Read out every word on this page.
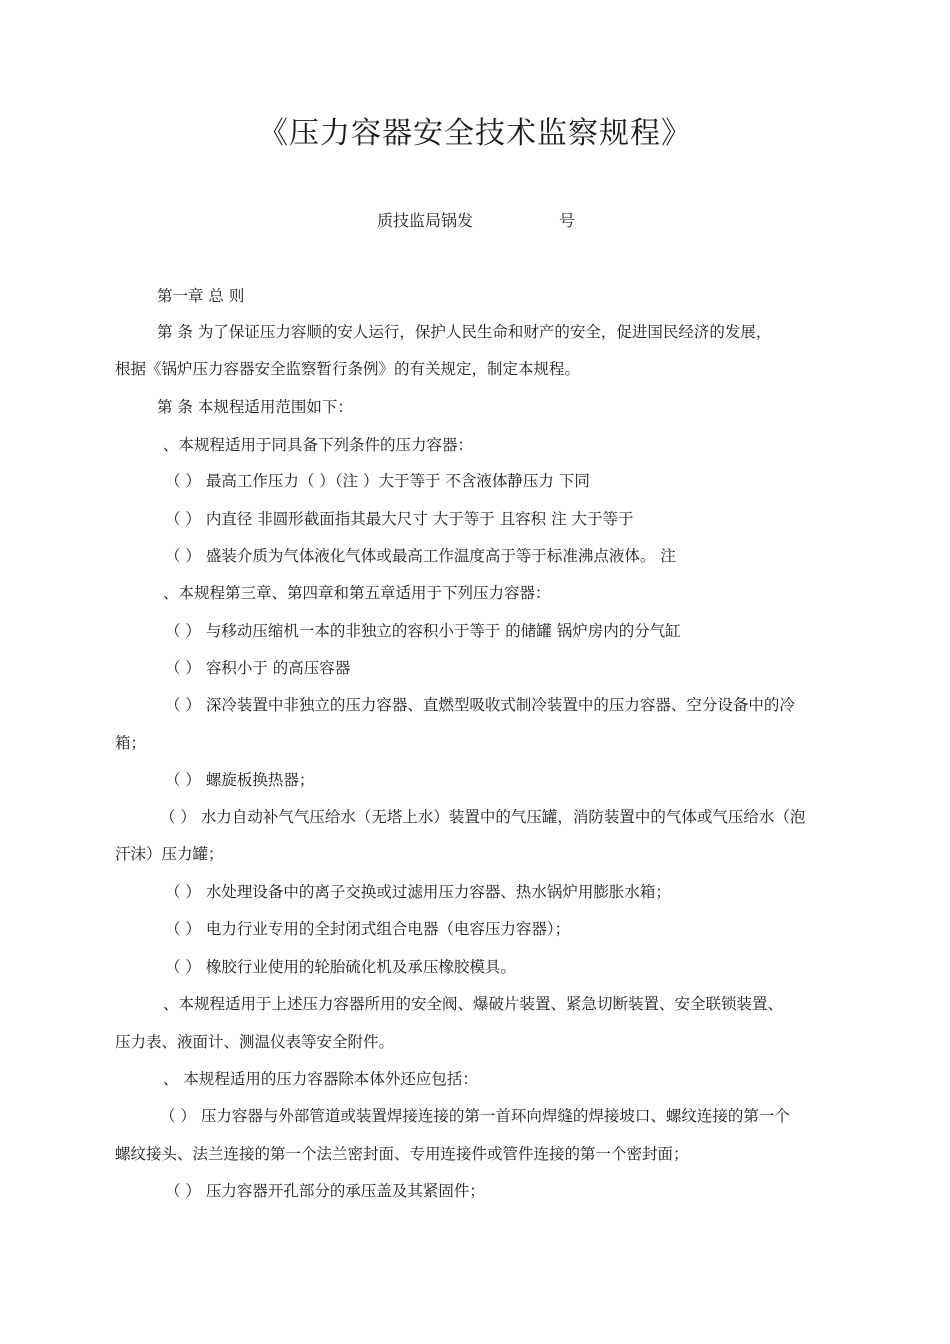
《压力容器安全技术监察规程》
质技监局锅发	号
第一章 总 则
第 条 为了保证压力容顺的安人运行，保护人民生命和财产的安全，促进国民经济的发展，
根据《锅炉压力容器安全监察暂行条例》的有关规定，制定本规程。
第 条 本规程适用范围如下：
、本规程适用于同具备下列条件的压力容器：
（ ） 最高工作压力（ ）（注 ）大于等于 不含液体静压力 下同
（ ） 内直径 非圆形截面指其最大尺寸 大于等于 且容积 注 大于等于
（ ） 盛装介质为气体液化气体或最高工作温度高于等于标准沸点液体。 注
、本规程第三章、第四章和第五章适用于下列压力容器：
（ ） 与移动压缩机一本的非独立的容积小于等于 的储罐 锅炉房内的分气缸
（ ） 容积小于 的高压容器
（ ） 深冷装置中非独立的压力容器、直燃型吸收式制冷装置中的压力容器、空分设备中的冷
箱；
（ ） 螺旋板换热器；
（ ） 水力自动补气气压给水（无塔上水）装置中的气压罐，消防装置中的气体或气压给水（泡
汗沫）压力罐；
（ ） 水处理设备中的离子交换或过滤用压力容器、热水锅炉用膨胀水箱；
（ ） 电力行业专用的全封闭式组合电器（电容压力容器）；
（ ） 橡胶行业使用的轮胎硫化机及承压橡胶模具。
、本规程适用于上述压力容器所用的安全阀、爆破片装置、紧急切断装置、安全联锁装置、
压力表、液面计、测温仪表等安全附件。
、 本规程适用的压力容器除本体外还应包括：
（ ） 压力容器与外部管道或装置焊接连接的第一首环向焊缝的焊接坡口、螺纹连接的第一个
螺纹接头、法兰连接的第一个法兰密封面、专用连接件或管件连接的第一个密封面；
（ ） 压力容器开孔部分的承压盖及其紧固件；
